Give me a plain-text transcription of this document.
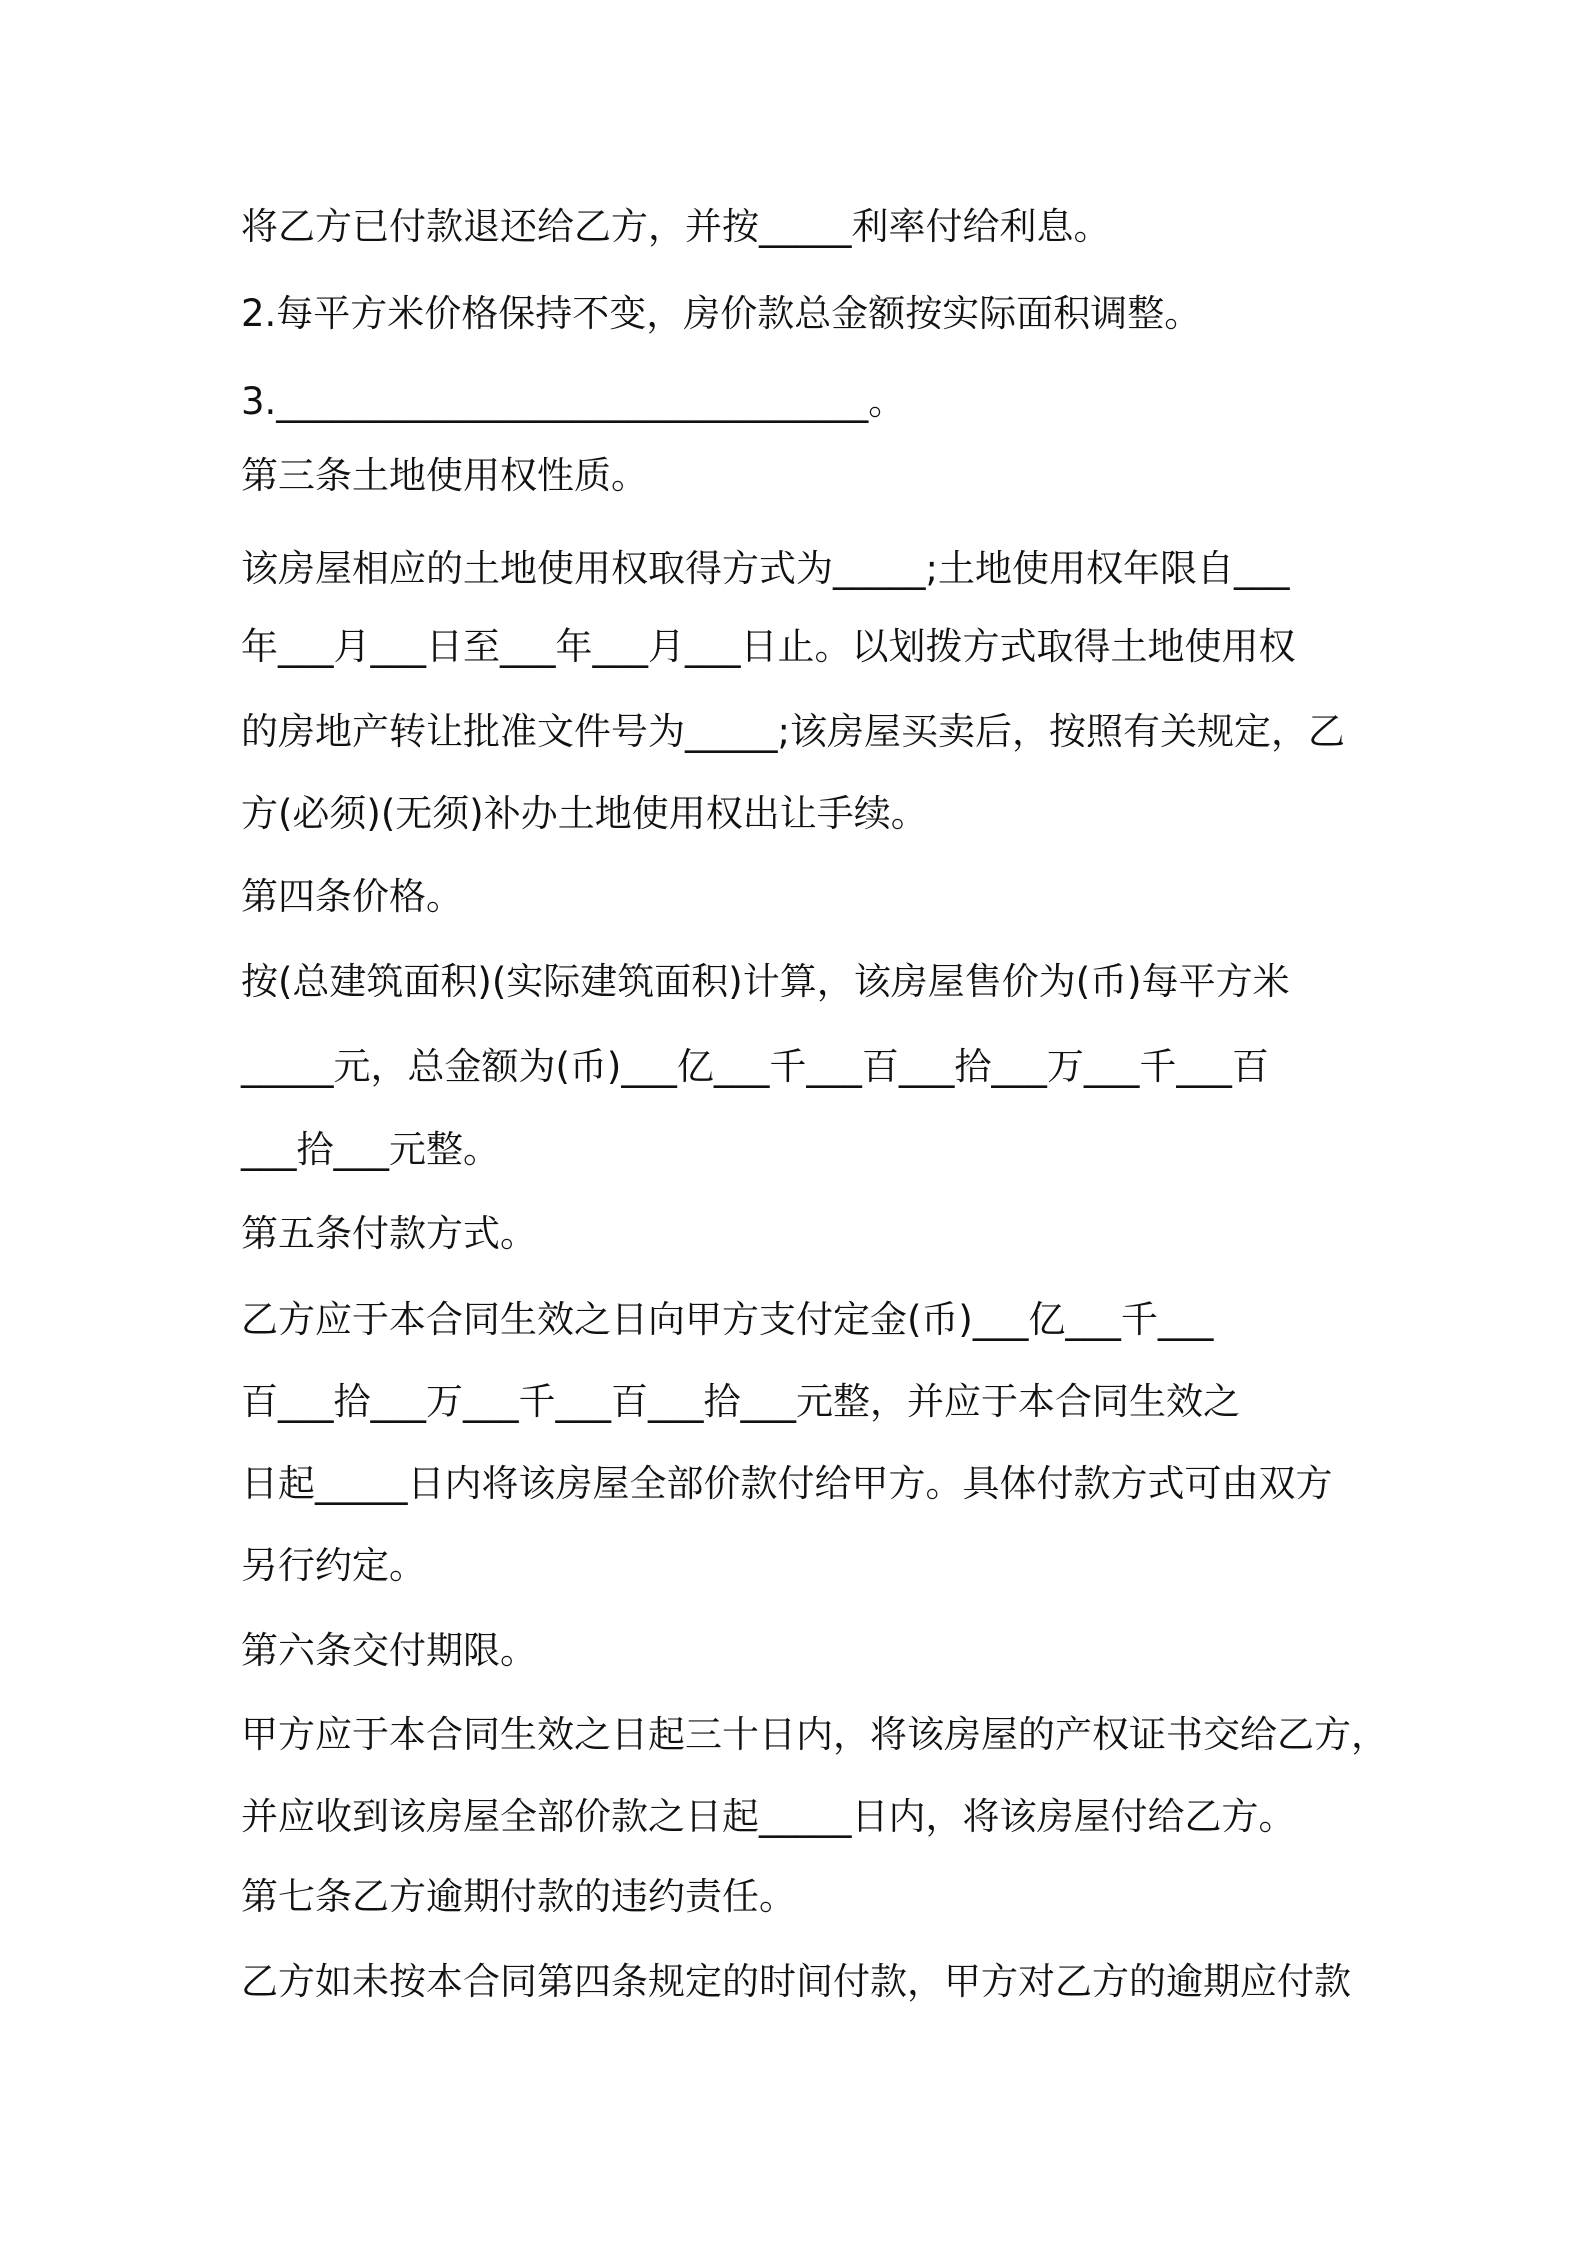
将乙方已付款退还给乙方，并按_____利率付给利息。
2.每平方米价格保持不变，房价款总金额按实际面积调整。
3.________________________________。
第三条土地使用权性质。
该房屋相应的土地使用权取得方式为_____;土地使用权年限自___
年___月___日至___年___月___日止。以划拨方式取得土地使用权
的房地产转让批准文件号为_____;该房屋买卖后，按照有关规定，乙
方(必须)(无须)补办土地使用权出让手续。
第四条价格。
按(总建筑面积)(实际建筑面积)计算，该房屋售价为(币)每平方米
_____元，总金额为(币)___亿___千___百___拾___万___千___百
___拾___元整。
第五条付款方式。
乙方应于本合同生效之日向甲方支付定金(币)___亿___千___
百___拾___万___千___百___拾___元整，并应于本合同生效之
日起_____日内将该房屋全部价款付给甲方。具体付款方式可由双方
另行约定。
第六条交付期限。
甲方应于本合同生效之日起三十日内，将该房屋的产权证书交给乙方，
并应收到该房屋全部价款之日起_____日内，将该房屋付给乙方。
第七条乙方逾期付款的违约责任。
乙方如未按本合同第四条规定的时间付款，甲方对乙方的逾期应付款
